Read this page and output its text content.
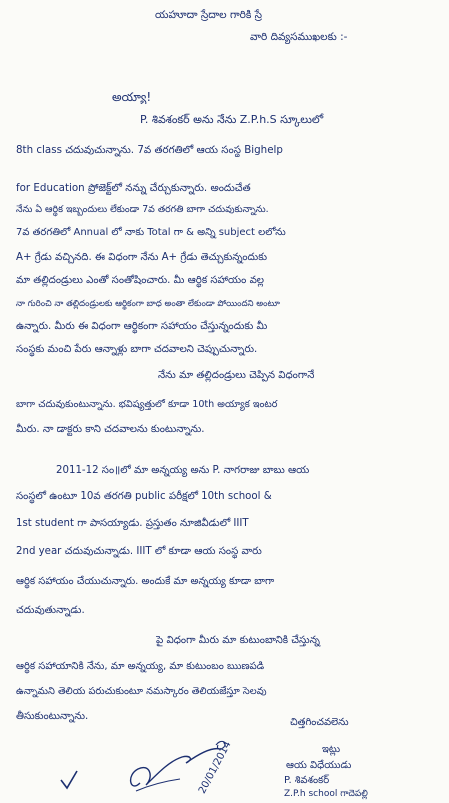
యహూదా స్రేదాల గారికి స్రే
వారి దివ్యసముఖలకు :-
అయ్యా!
P. శివశంకర్ అను నేను Z.P.h.S స్కూలులో
8th class చదువుచున్నాను. 7వ తరగతిలో ఆయ సంస్థ Bighelp
for Education ప్రోజెక్ట్‌లో నన్ను చేర్చుకున్నారు. అందుచేత
నేను ఏ ఆర్థిక ఇబ్బందులు లేకుండా 7వ తరగతి బాగా చదువుకున్నాను.
7వ తరగతిలో Annual లో నాకు Total గా & అన్ని subject లలోను
A+ గ్రేడు వచ్చినది. ఈ విధంగా నేను A+ గ్రేడు తెచ్చుకున్నందుకు
మా తల్లిదండ్రులు ఎంతో సంతోషించారు. మీ ఆర్థిక సహాయం వల్ల
నా గురించి నా తల్లిదండ్రులకు ఆర్థికంగా బాధ అంతా లేకుండా పోయిందని అంటూ
ఉన్నారు. మీరు ఈ విధంగా ఆర్థికంగా సహాయం చేస్తున్నందుకు మీ
సంస్థకు మంచి పేరు ఆన్నాళ్లు బాగా చదవాలని చెప్పుచున్నారు.
నేను మా తల్లిదండ్రులు చెప్పిన విధంగానే
బాగా చదువుకుంటున్నాను. భవిష్యత్తులో కూడా 10th అయ్యాక ఇంటర
మీరు. నా డాక్టరు కాని చదవాలను కుంటున్నాను.
2011-12 సం॥లో మా అన్నయ్య అను P. నాగరాజు బాబు ఆయ
సంస్థలో ఉంటూ 10వ తరగతి public పరీక్షలో 10th school &
1st student గా పాసయ్యాడు. ప్రస్తుతం నూజివీడులో IIIT
2nd year చదువుచున్నాడు. IIIT లో కూడా ఆయ సంస్థ వారు
ఆర్థిక సహాయం చేయుచున్నారు. అందుకే మా అన్నయ్య కూడా బాగా
చదువుతున్నాడు.
పై విధంగా మీరు మా కుటుంబానికి చేస్తున్న
ఆర్థిక సహాయానికి నేను, మా అన్నయ్య, మా కుటుంబం ఋణపడి
ఉన్నామని తెలియ పరుచుకుంటూ నమస్కారం తెలియజేస్తూ సెలవు
తీసుకుంటున్నాను.
చిత్తగించవలెను
ఇట్లు
ఆయ విధేయుడు
P. శివశంకర్
Z.P.h school గాదెపల్లి
20/01/2014
